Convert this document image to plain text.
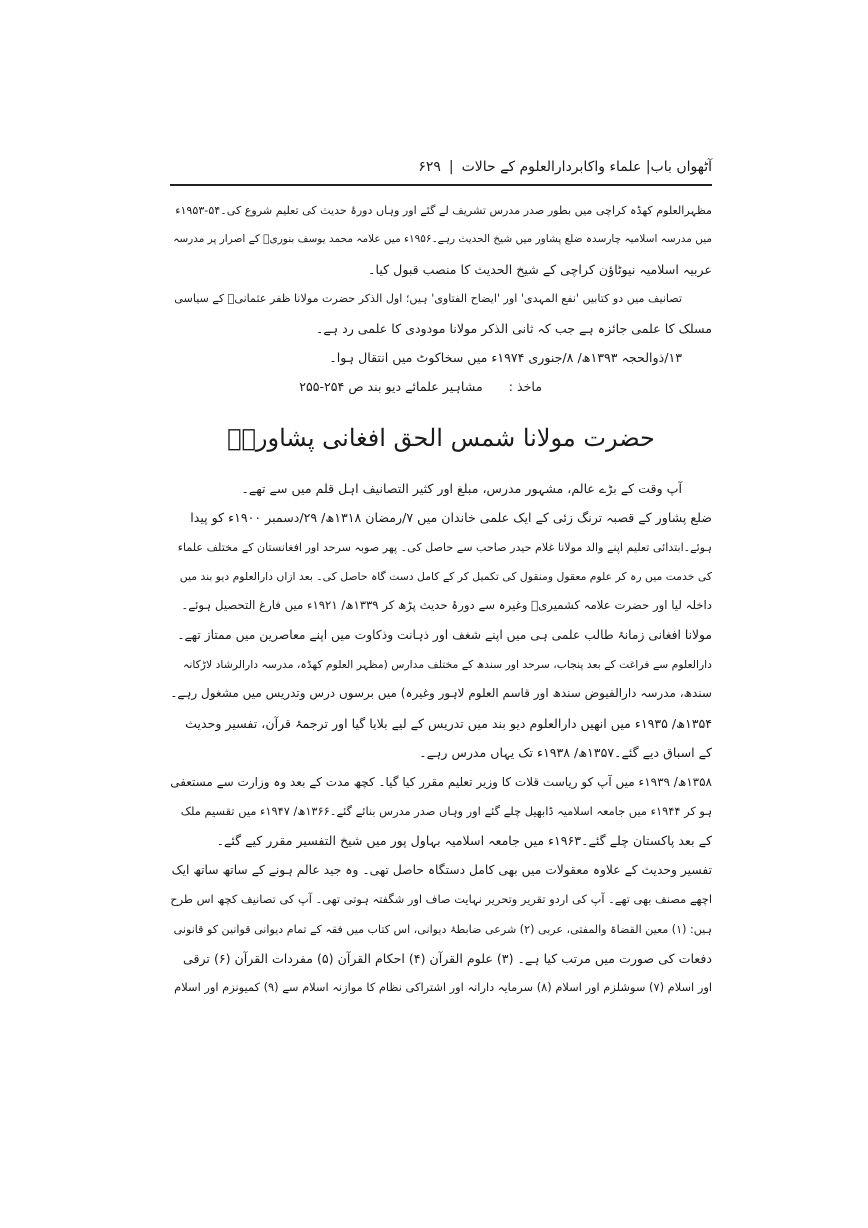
آٹھواں باب| علماء واکابردارالعلوم کے حالات
|
۶۲۹
مظہرالعلوم کھڈہ کراچی میں بطور صدر مدرس تشریف لے گئے اور وہاں دورۂ حدیث کی تعلیم شروع کی۔۵۴-۱۹۵۳ء
میں مدرسہ اسلامیہ چارسدہ ضلع پشاور میں شیخ الحدیث رہے۔۱۹۵۶ء میں علامہ محمد یوسف بنوریؒ کے اصرار پر مدرسہ
عربیہ اسلامیہ نیوٹاؤن کراچی کے شیخ الحدیث کا منصب قبول کیا۔
تصانیف میں دو کتابیں 'نفع المہدی' اور 'ایضاح الفتاوی' ہیں؛ اول الذکر حضرت مولانا ظفر عثمانیؒ کے سیاسی
مسلک کا علمی جائزہ ہے جب کہ ثانی الذکر مولانا مودودی کا علمی رد ہے۔
۱۳/ذوالحجہ ۱۳۹۳ھ/ ۸/جنوری ۱۹۷۴ء میں سخاکوٹ میں انتقال ہوا۔
ماخذ : مشاہیر علمائے دیو بند ص ۲۵۴-۲۵۵
حضرت مولانا شمس الحق افغانی پشاوریؒ
آپ وقت کے بڑے عالم، مشہور مدرس، مبلغ اور کثیر التصانیف اہل قلم میں سے تھے۔
ضلع پشاور کے قصبہ ترنگ زئی کے ایک علمی خاندان میں ۷/رمضان ۱۳۱۸ھ/ ۲۹/دسمبر ۱۹۰۰ء کو پیدا
ہوئے۔ابتدائی تعلیم اپنے والد مولانا غلام حیدر صاحب سے حاصل کی۔ پھر صوبہ سرحد اور افغانستان کے مختلف علماء
کی خدمت میں رہ کر علوم معقول ومنقول کی تکمیل کر کے کامل دست گاہ حاصل کی۔ بعد ازاں دارالعلوم دیو بند میں
داخلہ لیا اور حضرت علامہ کشمیریؒ وغیرہ سے دورۂ حدیث پڑھ کر ۱۳۳۹ھ/ ۱۹۲۱ء میں فارغ التحصیل ہوئے۔
مولانا افغانی زمانۂ طالب علمی ہی میں اپنے شغف اور ذہانت وذکاوت میں اپنے معاصرین میں ممتاز تھے۔
دارالعلوم سے فراغت کے بعد پنجاب، سرحد اور سندھ کے مختلف مدارس (مظہر العلوم کھڈہ، مدرسہ دارالرشاد لاڑکانہ
سندھ، مدرسہ دارالفیوض سندھ اور قاسم العلوم لاہور وغیرہ) میں برسوں درس وتدریس میں مشغول رہے۔
۱۳۵۴ھ/ ۱۹۳۵ء میں انھیں دارالعلوم دیو بند میں تدریس کے لیے بلایا گیا اور ترجمۂ قرآن، تفسیر وحدیث
کے اسباق دیے گئے۔۱۳۵۷ھ/ ۱۹۳۸ء تک یہاں مدرس رہے۔
۱۳۵۸ھ/ ۱۹۳۹ء میں آپ کو ریاست قلات کا وزیر تعلیم مقرر کیا گیا۔ کچھ مدت کے بعد وہ وزارت سے مستعفی
ہو کر ۱۹۴۴ء میں جامعہ اسلامیہ ڈابھیل چلے گئے اور وہاں صدر مدرس بنائے گئے۔۱۳۶۶ھ/ ۱۹۴۷ء میں تقسیم ملک
کے بعد پاکستان چلے گئے۔۱۹۶۳ء میں جامعہ اسلامیہ بہاول پور میں شیخ التفسیر مقرر کیے گئے۔
تفسیر وحدیث کے علاوہ معقولات میں بھی کامل دستگاہ حاصل تھی۔ وہ جید عالم ہونے کے ساتھ ساتھ ایک
اچھے مصنف بھی تھے۔ آپ کی اردو تقریر وتحریر نہایت صاف اور شگفتہ ہوتی تھی۔ آپ کی تصانیف کچھ اس طرح
ہیں: (۱) معین القضاۃ والمفتی، عربی (۲) شرعی ضابطۂ دیوانی، اس کتاب میں فقہ کے تمام دیوانی قوانین کو قانونی
دفعات کی صورت میں مرتب کیا ہے۔ (۳) علوم القرآن (۴) احکام القرآن (۵) مفردات القرآن (۶) ترقی
اور اسلام (۷) سوشلزم اور اسلام (۸) سرمایہ دارانہ اور اشتراکی نظام کا موازنہ اسلام سے (۹) کمیونزم اور اسلام
